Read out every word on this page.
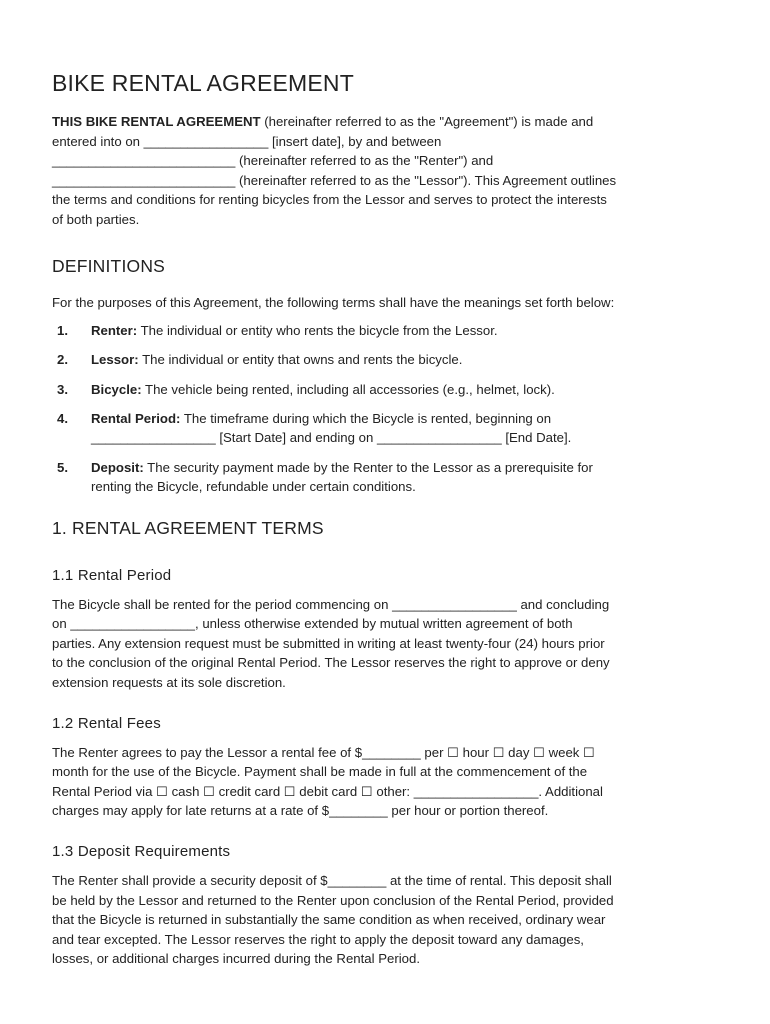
BIKE RENTAL AGREEMENT

THIS BIKE RENTAL AGREEMENT (hereinafter referred to as the "Agreement") is made and

entered into on _________________ [insert date], by and between

_________________________ (hereinafter referred to as the "Renter") and

_________________________ (hereinafter referred to as the "Lessor"). This Agreement outlines

the terms and conditions for renting bicycles from the Lessor and serves to protect the interests

of both parties.

DEFINITIONS

For the purposes of this Agreement, the following terms shall have the meanings set forth below:

1. Renter: The individual or entity who rents the bicycle from the Lessor.
2. Lessor: The individual or entity that owns and rents the bicycle.
3. Bicycle: The vehicle being rented, including all accessories (e.g., helmet, lock).
4. Rental Period: The timeframe during which the Bicycle is rented, beginning on
_________________ [Start Date] and ending on _________________ [End Date].
5. Deposit: The security payment made by the Renter to the Lessor as a prerequisite for
renting the Bicycle, refundable under certain conditions.
1. RENTAL AGREEMENT TERMS
1.1 Rental Period

The Bicycle shall be rented for the period commencing on _________________ and concluding

on _________________, unless otherwise extended by mutual written agreement of both

parties. Any extension request must be submitted in writing at least twenty-four (24) hours prior

to the conclusion of the original Rental Period. The Lessor reserves the right to approve or deny

extension requests at its sole discretion.

1.2 Rental Fees

The Renter agrees to pay the Lessor a rental fee of $________ per ☐ hour ☐ day ☐ week ☐

month for the use of the Bicycle. Payment shall be made in full at the commencement of the

Rental Period via ☐ cash ☐ credit card ☐ debit card ☐ other: _________________. Additional

charges may apply for late returns at a rate of $________ per hour or portion thereof.

1.3 Deposit Requirements

The Renter shall provide a security deposit of $________ at the time of rental. This deposit shall

be held by the Lessor and returned to the Renter upon conclusion of the Rental Period, provided

that the Bicycle is returned in substantially the same condition as when received, ordinary wear

and tear excepted. The Lessor reserves the right to apply the deposit toward any damages,

losses, or additional charges incurred during the Rental Period.
